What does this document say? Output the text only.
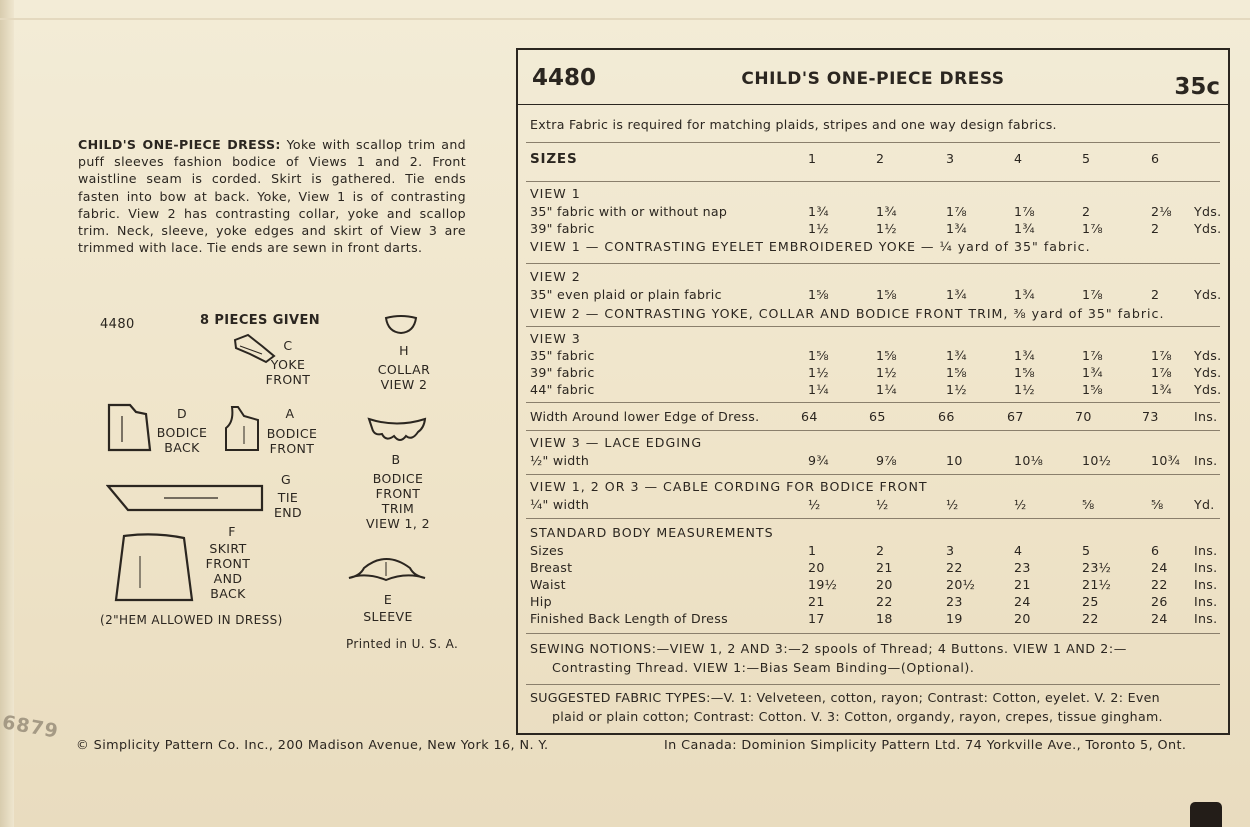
CHILD'S ONE-PIECE DRESS: Yoke with scallop trim and puff sleeves fashion bodice of Views 1 and 2. Front waistline seam is corded. Skirt is gathered. Tie ends fasten into bow at back. Yoke, View 1 is of contrasting fabric. View 2 has contrasting collar, yoke and scallop trim. Neck, sleeve, yoke edges and skirt of View 3 are trimmed with lace. Tie ends are sewn in front darts.
4480	8 PIECES GIVEN
C
YOKE FRONT
H
COLLAR VIEW 2
D
BODICE BACK
A
BODICE FRONT
B
BODICE FRONT TRIM VIEW 1, 2
G
TIE END
F
SKIRT FRONT AND BACK	E
SLEEVE
(2"HEM ALLOWED IN DRESS)
Printed in U. S. A.
4480	CHILD'S ONE-PIECE DRESS	35c
Extra Fabric is required for matching plaids, stripes and one way design fabrics.
SIZES	1	2	3	4	5	6
VIEW 1
35" fabric with or without nap	1¾	1¾	1⅞	1⅞	2	2⅛ Yds.
39" fabric	1½	1½	1¾	1¾	1⅞	2	Yds.
VIEW 1 — CONTRASTING EYELET EMBROIDERED YOKE — ¼ yard of 35" fabric.
VIEW 2
35" even plaid or plain fabric	1⅝	1⅝	1¾	1¾	1⅞	2	Yds.
VIEW 2 — CONTRASTING YOKE, COLLAR AND BODICE FRONT TRIM, ⅜ yard of 35" fabric.
VIEW 3
35" fabric	1⅝	1⅝	1¾	1¾	1⅞	1⅞ Yds.
39" fabric	1½	1½	1⅝	1⅝	1¾	1⅞ Yds.
44" fabric	1¼	1¼	1½	1½	1⅝	1¾ Yds.
Width Around lower Edge of Dress.	64	65	66	67	70	73	Ins.
VIEW 3 — LACE EDGING
½" width	9¾	9⅞	10	10⅛	10½	10¾ Ins.
VIEW 1, 2 OR 3 — CABLE CORDING FOR BODICE FRONT
¼" width	½	½	½	½	⅝	⅝ Yd.
STANDARD BODY MEASUREMENTS
Sizes	1	2	3	4	5	6	Ins.
Breast	20	21	22	23	23½	24 Ins.
Waist	19½	20	20½	21	21½	22 Ins.
Hip	21	22	23	24	25	26 Ins.
Finished Back Length of Dress	17	18	19	20	22	24 Ins.
SEWING NOTIONS:—VIEW 1, 2 AND 3:—2 spools of Thread; 4 Buttons. VIEW 1 AND 2:—
Contrasting Thread. VIEW 1:—Bias Seam Binding—(Optional).
SUGGESTED FABRIC TYPES:—V. 1: Velveteen, cotton, rayon; Contrast: Cotton, eyelet. V. 2: Even
plaid or plain cotton; Contrast: Cotton. V. 3: Cotton, organdy, rayon, crepes, tissue gingham.
© Simplicity Pattern Co. Inc., 200 Madison Avenue, New York 16, N. Y.	In Canada: Dominion Simplicity Pattern Ltd. 74 Yorkville Ave., Toronto 5, Ont.
6879
